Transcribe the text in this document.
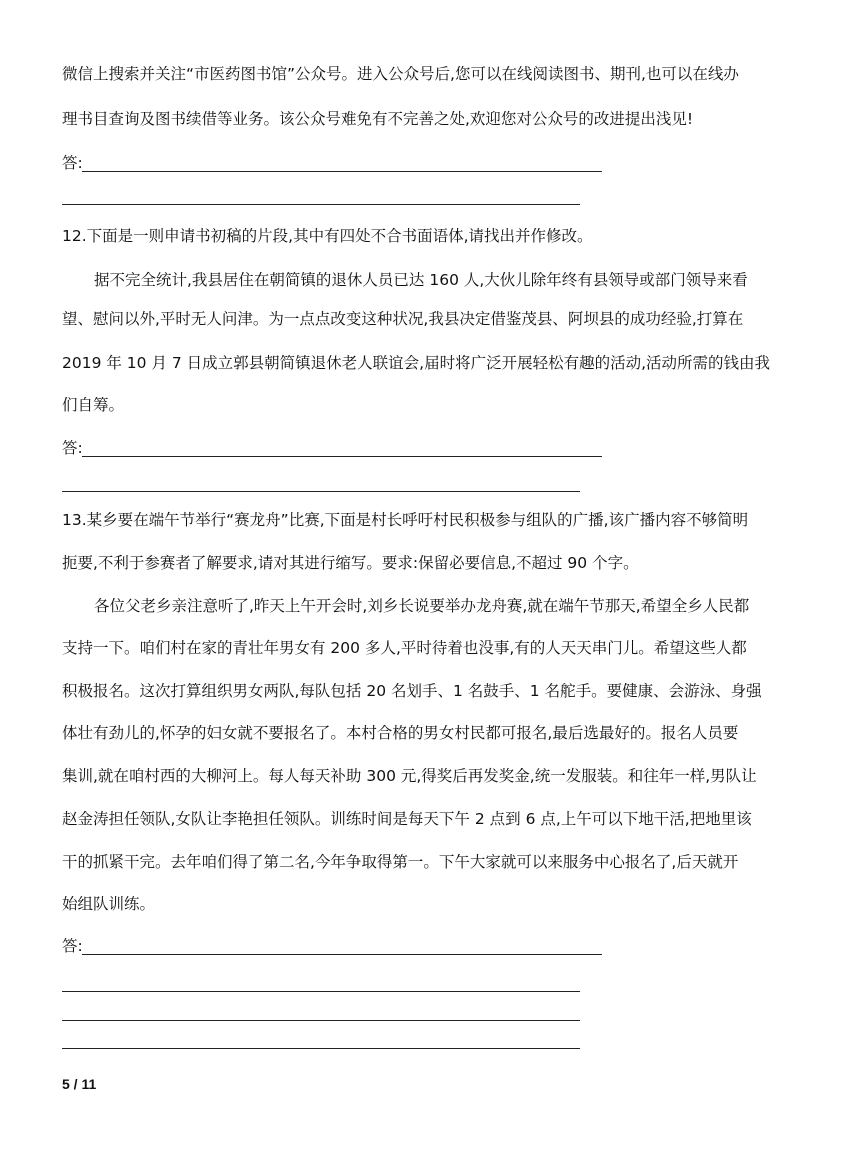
微信上搜索并关注“市医药图书馆”公众号。进入公众号后,您可以在线阅读图书、期刊,也可以在线办
理书目查询及图书续借等业务。该公众号难免有不完善之处,欢迎您对公众号的改进提出浅见!
答:
12.下面是一则申请书初稿的片段,其中有四处不合书面语体,请找出并作修改。
据不完全统计,我县居住在朝简镇的退休人员已达 160 人,大伙儿除年终有县领导或部门领导来看
望、慰问以外,平时无人问津。为一点点改变这种状况,我县决定借鉴茂县、阿坝县的成功经验,打算在
2019 年 10 月 7 日成立郭县朝简镇退休老人联谊会,届时将广泛开展轻松有趣的活动,活动所需的钱由我
们自筹。
答:
13.某乡要在端午节举行“赛龙舟”比赛,下面是村长呼吁村民积极参与组队的广播,该广播内容不够简明
扼要,不利于参赛者了解要求,请对其进行缩写。要求:保留必要信息,不超过 90 个字。
各位父老乡亲注意听了,昨天上午开会时,刘乡长说要举办龙舟赛,就在端午节那天,希望全乡人民都
支持一下。咱们村在家的青壮年男女有 200 多人,平时待着也没事,有的人天天串门儿。希望这些人都
积极报名。这次打算组织男女两队,每队包括 20 名划手、1 名鼓手、1 名舵手。要健康、会游泳、身强
体壮有劲儿的,怀孕的妇女就不要报名了。本村合格的男女村民都可报名,最后选最好的。报名人员要
集训,就在咱村西的大柳河上。每人每天补助 300 元,得奖后再发奖金,统一发服装。和往年一样,男队让
赵金涛担任领队,女队让李艳担任领队。训练时间是每天下午 2 点到 6 点,上午可以下地干活,把地里该
干的抓紧干完。去年咱们得了第二名,今年争取得第一。下午大家就可以来服务中心报名了,后天就开
始组队训练。
答:
5 / 11
